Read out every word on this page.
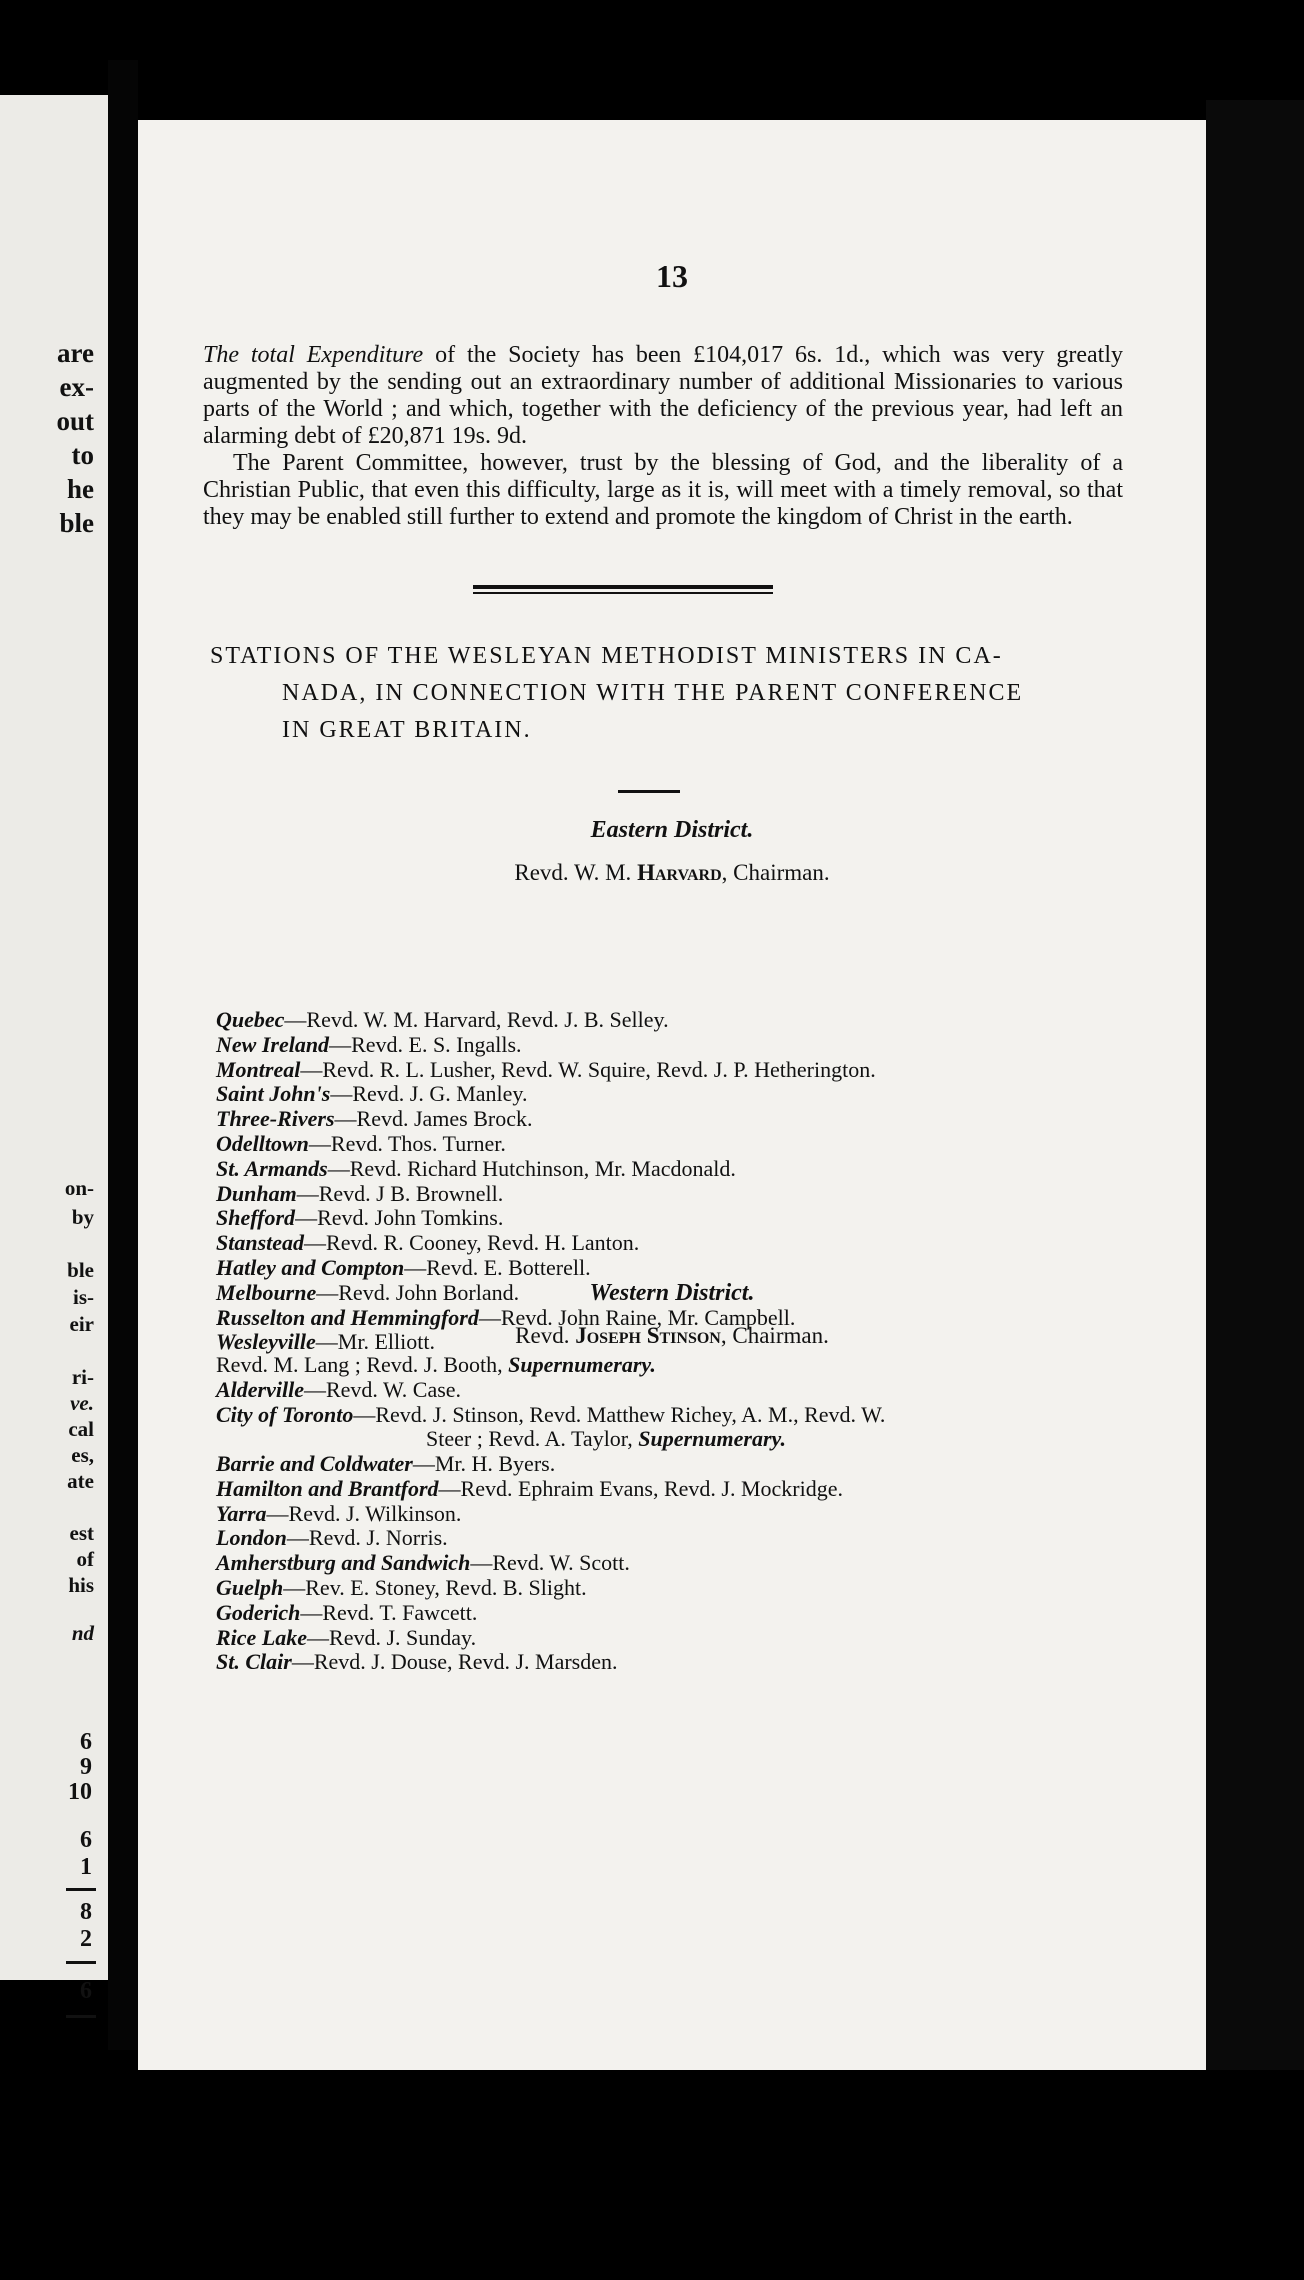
are
ex-
out
to
he
ble
on-
by
ble
is-
eir
ri-
ve.
cal
es,
ate
est
of
his
nd
6
9
10
6
1
8
2
6
13
The total Expenditure of the Society has been £104,017 6s. 1d., which was very greatly augmented by the sending out an extraordinary number of additional Missionaries to various parts of the World ; and which, together with the deficiency of the previous year, had left an alarming debt of £20,871 19s. 9d.
The Parent Committee, however, trust by the blessing of God, and the liberality of a Christian Public, that even this difficulty, large as it is, will meet with a timely removal, so that they may be enabled still further to extend and promote the kingdom of Christ in the earth.
STATIONS OF THE WESLEYAN METHODIST MINISTERS IN CA-
NADA, IN CONNECTION WITH THE PARENT CONFERENCE
IN GREAT BRITAIN.
Eastern District.
Revd. W. M. Harvard, Chairman.
Quebec—Revd. W. M. Harvard, Revd. J. B. Selley.
New Ireland—Revd. E. S. Ingalls.
Montreal—Revd. R. L. Lusher, Revd. W. Squire, Revd. J. P. Hetherington.
Saint John's—Revd. J. G. Manley.
Three-Rivers—Revd. James Brock.
Odelltown—Revd. Thos. Turner.
St. Armands—Revd. Richard Hutchinson, Mr. Macdonald.
Dunham—Revd. J B. Brownell.
Shefford—Revd. John Tomkins.
Stanstead—Revd. R. Cooney, Revd. H. Lanton.
Hatley and Compton—Revd. E. Botterell.
Melbourne—Revd. John Borland.
Russelton and Hemmingford—Revd. John Raine, Mr. Campbell.
Wesleyville—Mr. Elliott.
Western District.
Revd. Joseph Stinson, Chairman.
Revd. M. Lang ; Revd. J. Booth, Supernumerary.
Alderville—Revd. W. Case.
City of Toronto—Revd. J. Stinson, Revd. Matthew Richey, A. M., Revd. W.
Steer ; Revd. A. Taylor, Supernumerary.
Barrie and Coldwater—Mr. H. Byers.
Hamilton and Brantford—Revd. Ephraim Evans, Revd. J. Mockridge.
Yarra—Revd. J. Wilkinson.
London—Revd. J. Norris.
Amherstburg and Sandwich—Revd. W. Scott.
Guelph—Rev. E. Stoney, Revd. B. Slight.
Goderich—Revd. T. Fawcett.
Rice Lake—Revd. J. Sunday.
St. Clair—Revd. J. Douse, Revd. J. Marsden.
